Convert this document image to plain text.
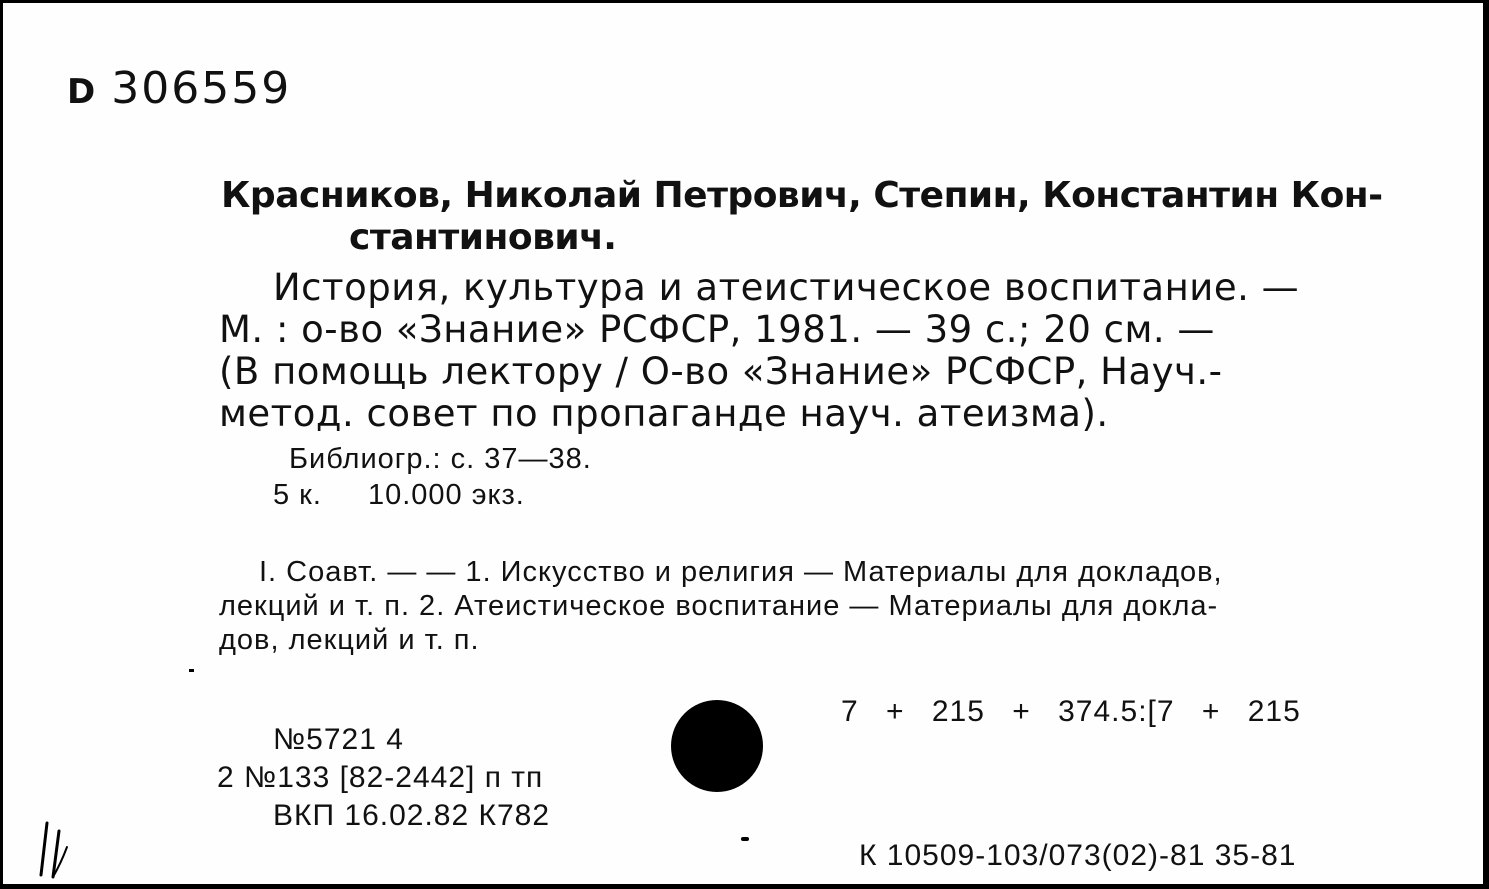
D 306559
Красников, Николай Петрович, Степин, Константин Кон-
стантинович.
История, культура и атеистическое воспитание. —
М. : о-во «Знание» РСФСР, 1981. — 39 с.; 20 см. —
(В помощь лектору / О-во «Знание» РСФСР, Науч.-
метод. совет по пропаганде науч. атеизма).
Библиогр.: с. 37—38.
5 к. 10.000 экз.
I. Соавт. — — 1. Искусство и религия — Материалы для докладов,
лекций и т. п. 2. Атеистическое воспитание — Материалы для докла-
дов, лекций и т. п.
№5721 4
2 №133 [82-2442] п тп
ВКП 16.02.82 К782
7 + 215 + 374.5:[7 + 215
К 10509-103/073(02)-81 35-81
